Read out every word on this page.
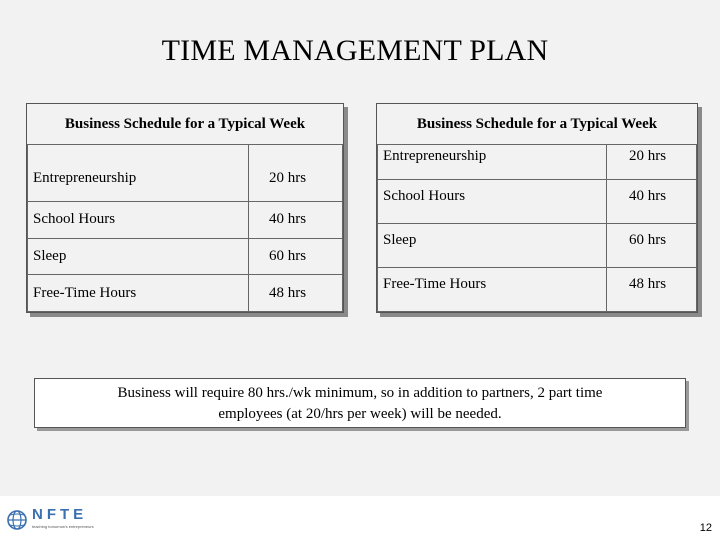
TIME MANAGEMENT PLAN
Business Schedule for a Typical Week	
Entrepreneurship	20 hrs
School Hours	40 hrs
Sleep	60 hrs
Free-Time Hours	48 hrs
Business Schedule for a Typical Week	
Entrepreneurship	20 hrs
School Hours	40 hrs
Sleep	60 hrs
Free-Time Hours	48 hrs
Business will require 80 hrs./wk minimum, so in addition to partners, 2 part time
employees (at 20/hrs per week) will be needed.
NFTE
teaching tomorrow's entrepreneurs	12
